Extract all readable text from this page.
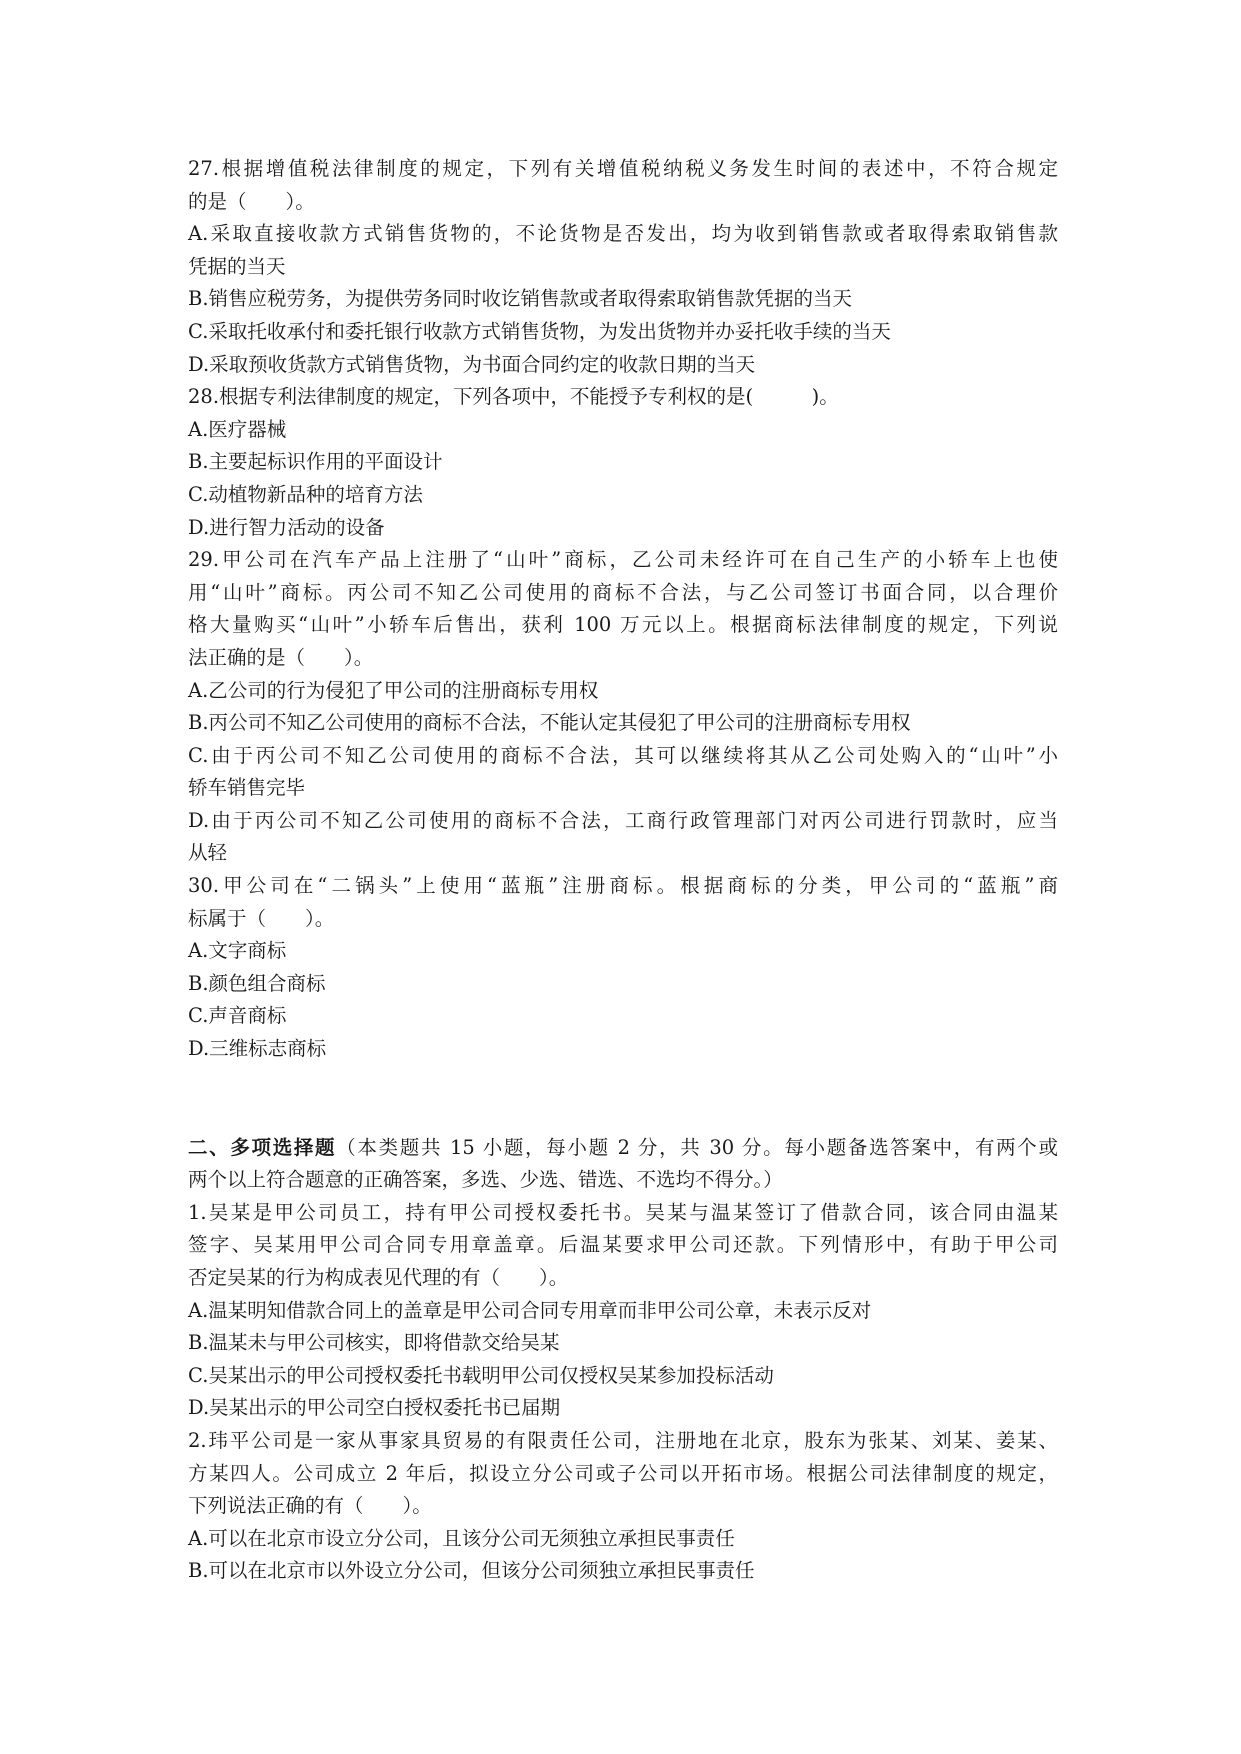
27.根据增值税法律制度的规定，下列有关增值税纳税义务发生时间的表述中，不符合规定
的是（　　）。
A.采取直接收款方式销售货物的，不论货物是否发出，均为收到销售款或者取得索取销售款
凭据的当天
B.销售应税劳务，为提供劳务同时收讫销售款或者取得索取销售款凭据的当天
C.采取托收承付和委托银行收款方式销售货物，为发出货物并办妥托收手续的当天
D.采取预收货款方式销售货物，为书面合同约定的收款日期的当天
28.根据专利法律制度的规定，下列各项中，不能授予专利权的是(　　　)。
A.医疗器械
B.主要起标识作用的平面设计
C.动植物新品种的培育方法
D.进行智力活动的设备
29.甲公司在汽车产品上注册了“山叶”商标，乙公司未经许可在自己生产的小轿车上也使
用“山叶”商标。丙公司不知乙公司使用的商标不合法，与乙公司签订书面合同，以合理价
格大量购买“山叶”小轿车后售出，获利 100 万元以上。根据商标法律制度的规定，下列说
法正确的是（　　）。
A.乙公司的行为侵犯了甲公司的注册商标专用权
B.丙公司不知乙公司使用的商标不合法，不能认定其侵犯了甲公司的注册商标专用权
C.由于丙公司不知乙公司使用的商标不合法，其可以继续将其从乙公司处购入的“山叶”小
轿车销售完毕
D.由于丙公司不知乙公司使用的商标不合法，工商行政管理部门对丙公司进行罚款时，应当
从轻
30.甲公司在“二锅头”上使用“蓝瓶”注册商标。根据商标的分类，甲公司的“蓝瓶”商
标属于（　　）。
A.文字商标
B.颜色组合商标
C.声音商标
D.三维标志商标
二、多项选择题（本类题共 15 小题，每小题 2 分，共 30 分。每小题备选答案中，有两个或
两个以上符合题意的正确答案，多选、少选、错选、不选均不得分。）
1.吴某是甲公司员工，持有甲公司授权委托书。吴某与温某签订了借款合同，该合同由温某
签字、吴某用甲公司合同专用章盖章。后温某要求甲公司还款。下列情形中，有助于甲公司
否定吴某的行为构成表见代理的有（　　）。
A.温某明知借款合同上的盖章是甲公司合同专用章而非甲公司公章，未表示反对
B.温某未与甲公司核实，即将借款交给吴某
C.吴某出示的甲公司授权委托书载明甲公司仅授权吴某参加投标活动
D.吴某出示的甲公司空白授权委托书已届期
2.玮平公司是一家从事家具贸易的有限责任公司，注册地在北京，股东为张某、刘某、姜某、
方某四人。公司成立 2 年后，拟设立分公司或子公司以开拓市场。根据公司法律制度的规定，
下列说法正确的有（　　）。
A.可以在北京市设立分公司，且该分公司无须独立承担民事责任
B.可以在北京市以外设立分公司，但该分公司须独立承担民事责任
